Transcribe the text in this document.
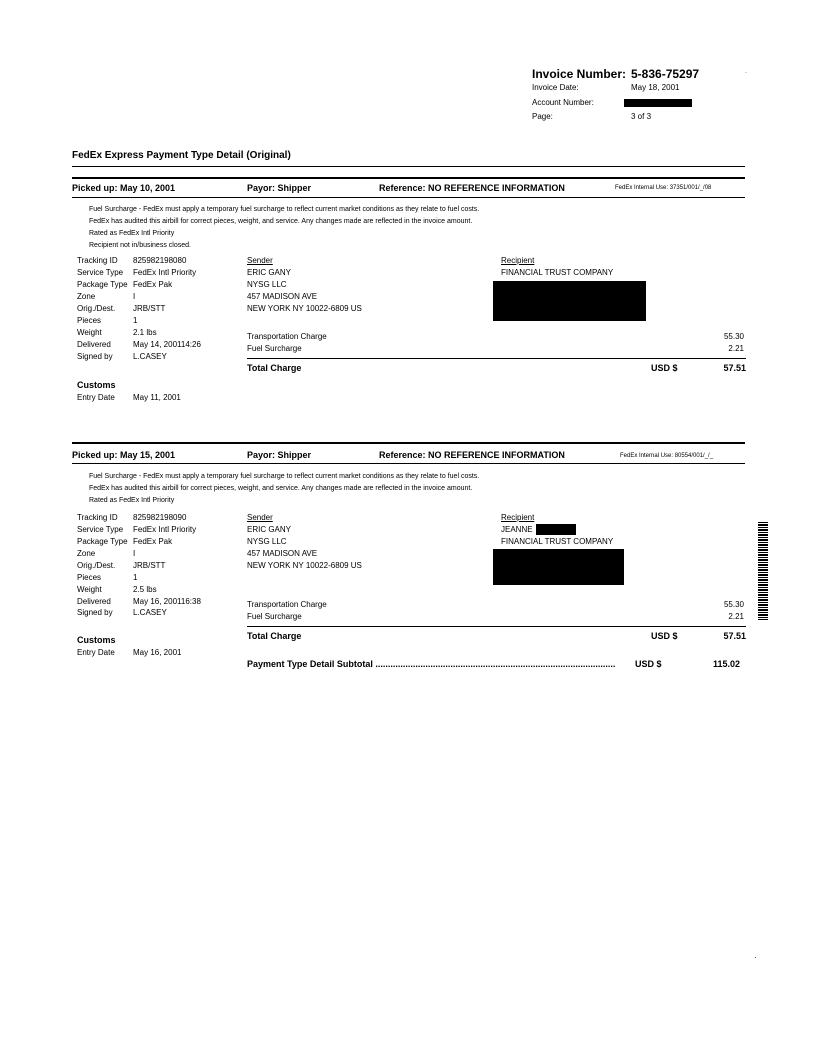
Invoice Number: 5-836-75297	·
Invoice Date:	May 18, 2001
Account Number:
Page:	3 of 3
FedEx Express Payment Type Detail (Original)
Picked up: May 10, 2001	Payor: Shipper	Reference: NO REFERENCE INFORMATION	FedEx Internal Use: 37351/001/_/08
Fuel Surcharge - FedEx must apply a temporary fuel surcharge to reflect current market conditions as they relate to fuel costs.
FedEx has audited this airbill for correct pieces, weight, and service. Any changes made are reflected in the invoice amount.
Rated as FedEx Intl Priority
Recipient not in/business closed.
Tracking ID 825982198080
Service Type FedEx Intl Priority
Package Type FedEx Pak
Zone	I
Orig./Dest. JRB/STT
Pieces	1
Weight	2.1 lbs
Delivered	May 14, 200114:26
Signed by	L.CASEY
Sender
ERIC GANY
NYSG LLC
457 MADISON AVE
NEW YORK NY 10022-6809 US
Recipient
FINANCIAL TRUST COMPANY
Transportation Charge	55.30
Fuel Surcharge	2.21
Total Charge	USD $	57.51
Customs
Entry Date May 11, 2001
Picked up: May 15, 2001	Payor: Shipper	Reference: NO REFERENCE INFORMATION	FedEx Internal Use: 80554/001/_/_
Fuel Surcharge - FedEx must apply a temporary fuel surcharge to reflect current market conditions as they relate to fuel costs.
FedEx has audited this airbill for correct pieces, weight, and service. Any changes made are reflected in the invoice amount.
Rated as FedEx Intl Priority
Tracking ID 825982198090
Service Type FedEx Intl Priority
Package Type FedEx Pak
Zone	I
Orig./Dest. JRB/STT
Pieces	1
Weight	2.5 lbs
Delivered	May 16, 200116:38
Signed by	L.CASEY
Sender
ERIC GANY
NYSG LLC
457 MADISON AVE
NEW YORK NY 10022-6809 US
Recipient
JEANNE
FINANCIAL TRUST COMPANY
Transportation Charge	55.30
Fuel Surcharge	2.21
Total Charge	USD $	57.51
Customs
Entry Date May 16, 2001
Payment Type Detail Subtotal ................................................................................................	USD $	115.02
·
